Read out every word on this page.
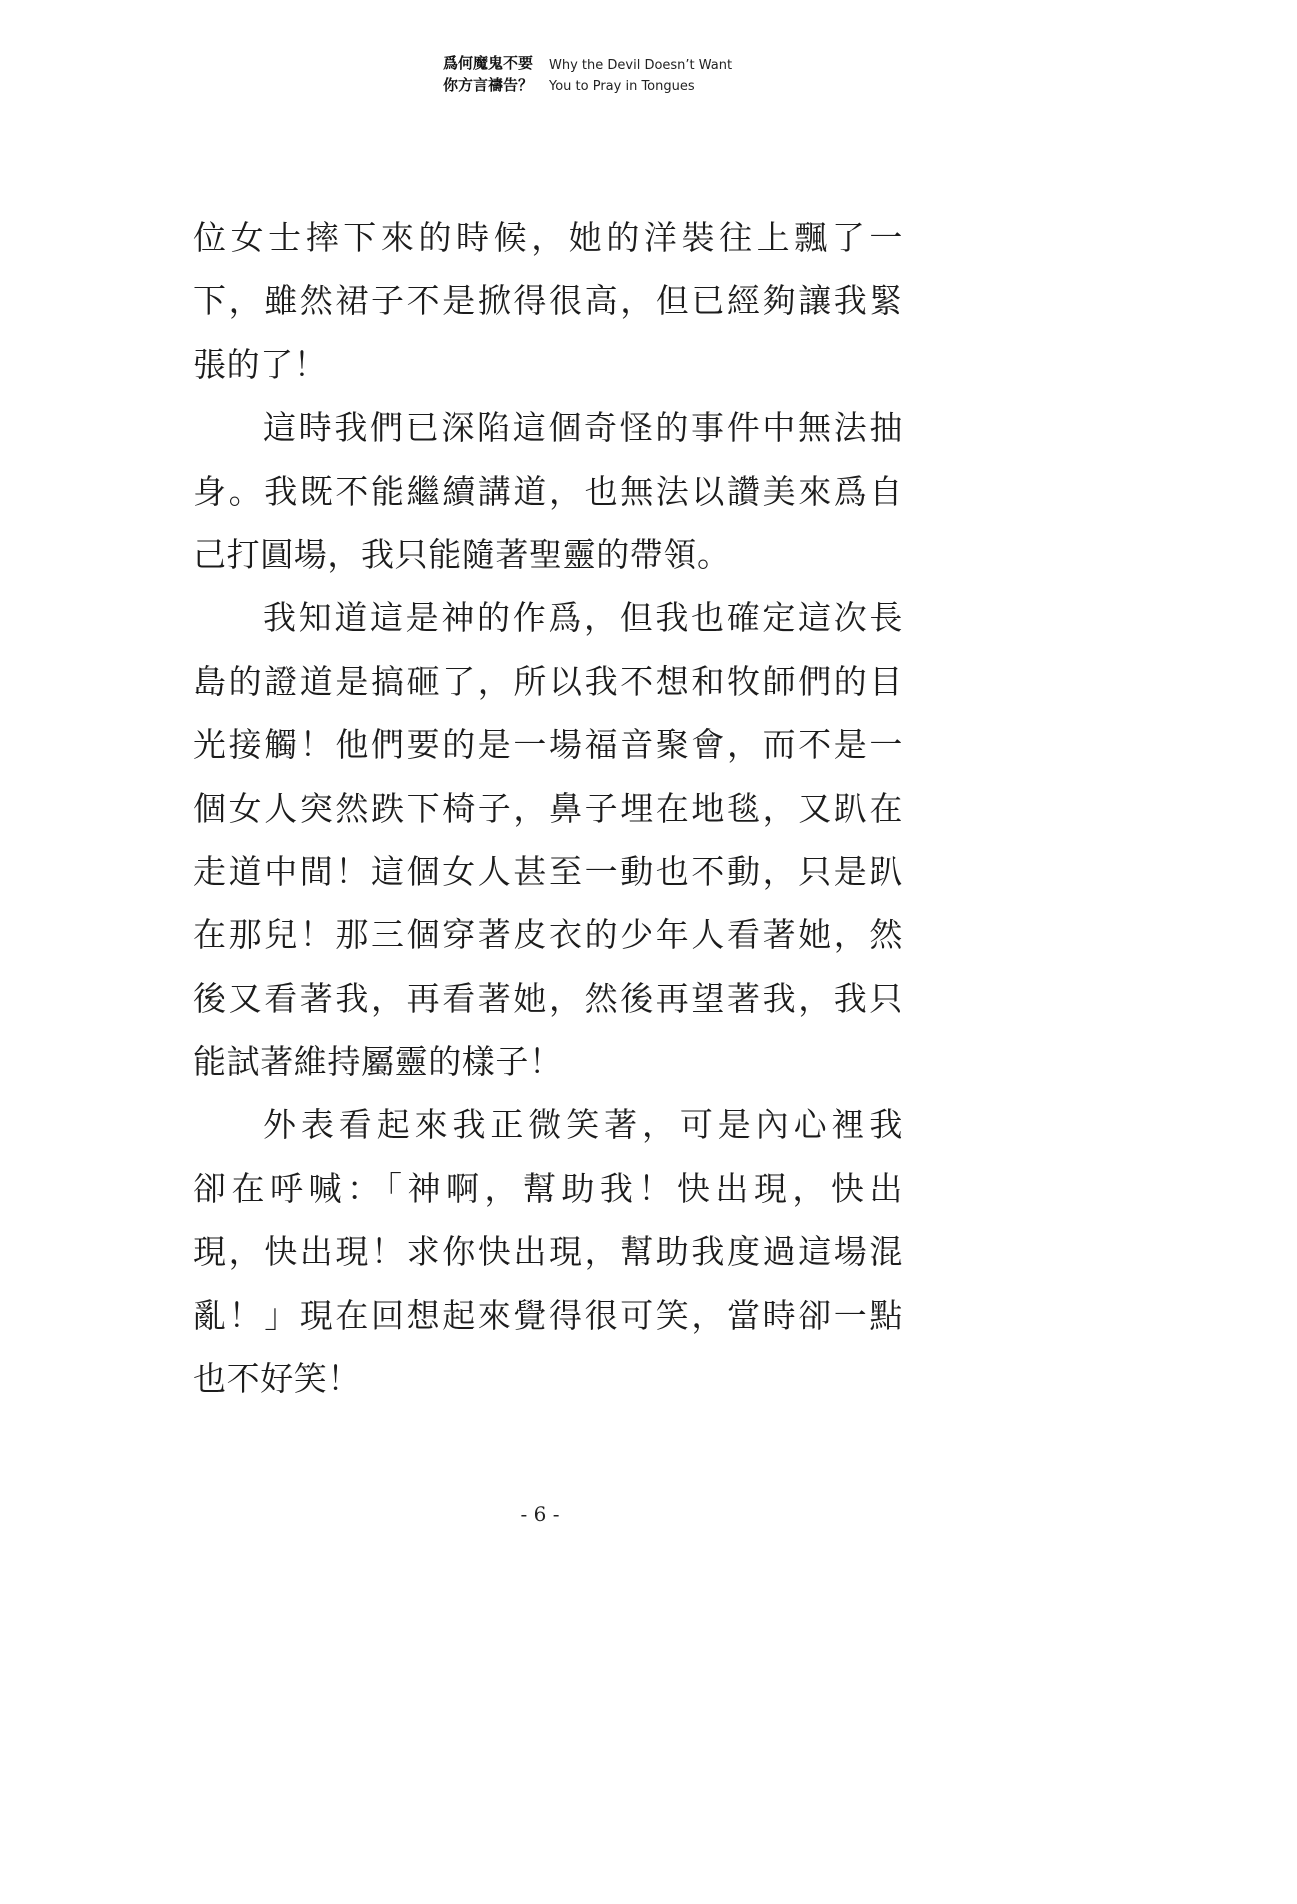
爲何魔鬼不要
你方言禱告？
Why the Devil Doesn’t Want
You to Pray in Tongues
位女士摔下來的時候，她的洋裝往上飄了一
下，雖然裙子不是掀得很高，但已經夠讓我緊
張的了！
這時我們已深陷這個奇怪的事件中無法抽
身。我既不能繼續講道，也無法以讚美來爲自
己打圓場，我只能隨著聖靈的帶領。
我知道這是神的作爲，但我也確定這次長
島的證道是搞砸了，所以我不想和牧師們的目
光接觸！他們要的是一場福音聚會，而不是一
個女人突然跌下椅子，鼻子埋在地毯，又趴在
走道中間！這個女人甚至一動也不動，只是趴
在那兒！那三個穿著皮衣的少年人看著她，然
後又看著我，再看著她，然後再望著我，我只
能試著維持屬靈的樣子！
外表看起來我正微笑著，可是內心裡我
卻在呼喊：「神啊，幫助我！快出現，快出
現，快出現！求你快出現，幫助我度過這場混
亂！」現在回想起來覺得很可笑，當時卻一點
也不好笑！
- 6 -
